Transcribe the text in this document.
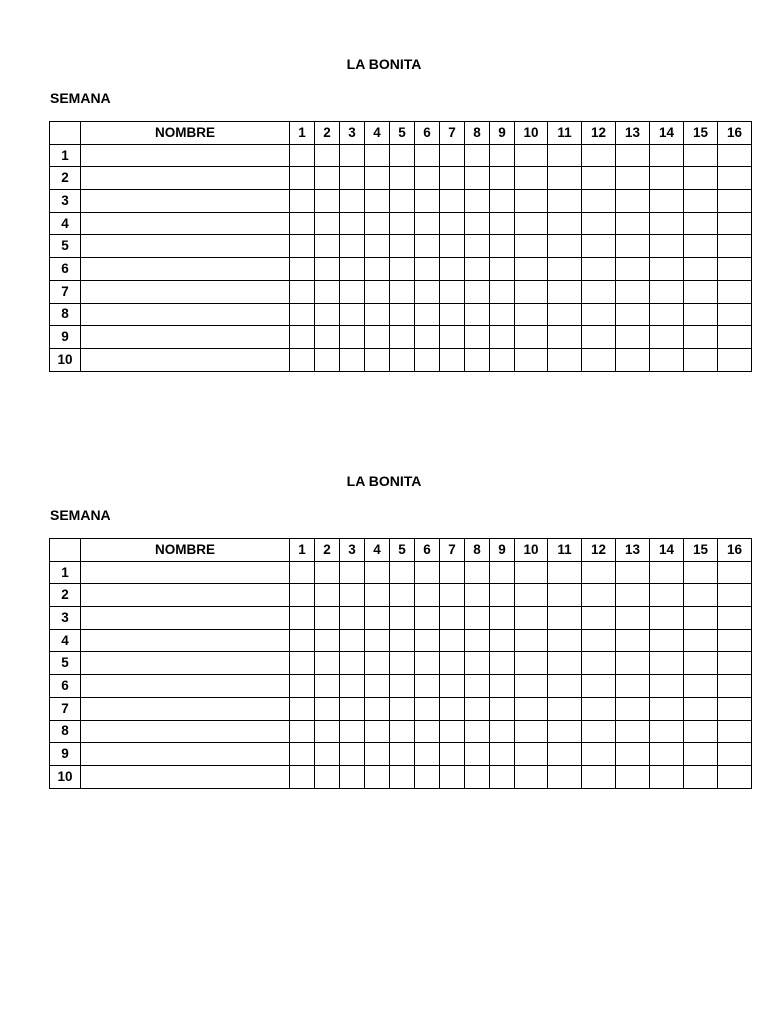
LA BONITA
SEMANA
	NOMBRE	1	2	3	4	5	6	7	8	9	10	11	12	13	14	15	16
1																	
2																	
3																	
4																	
5																	
6																	
7																	
8																	
9																	
10																	
LA BONITA
SEMANA
	NOMBRE	1	2	3	4	5	6	7	8	9	10	11	12	13	14	15	16
1																	
2																	
3																	
4																	
5																	
6																	
7																	
8																	
9																	
10																	
